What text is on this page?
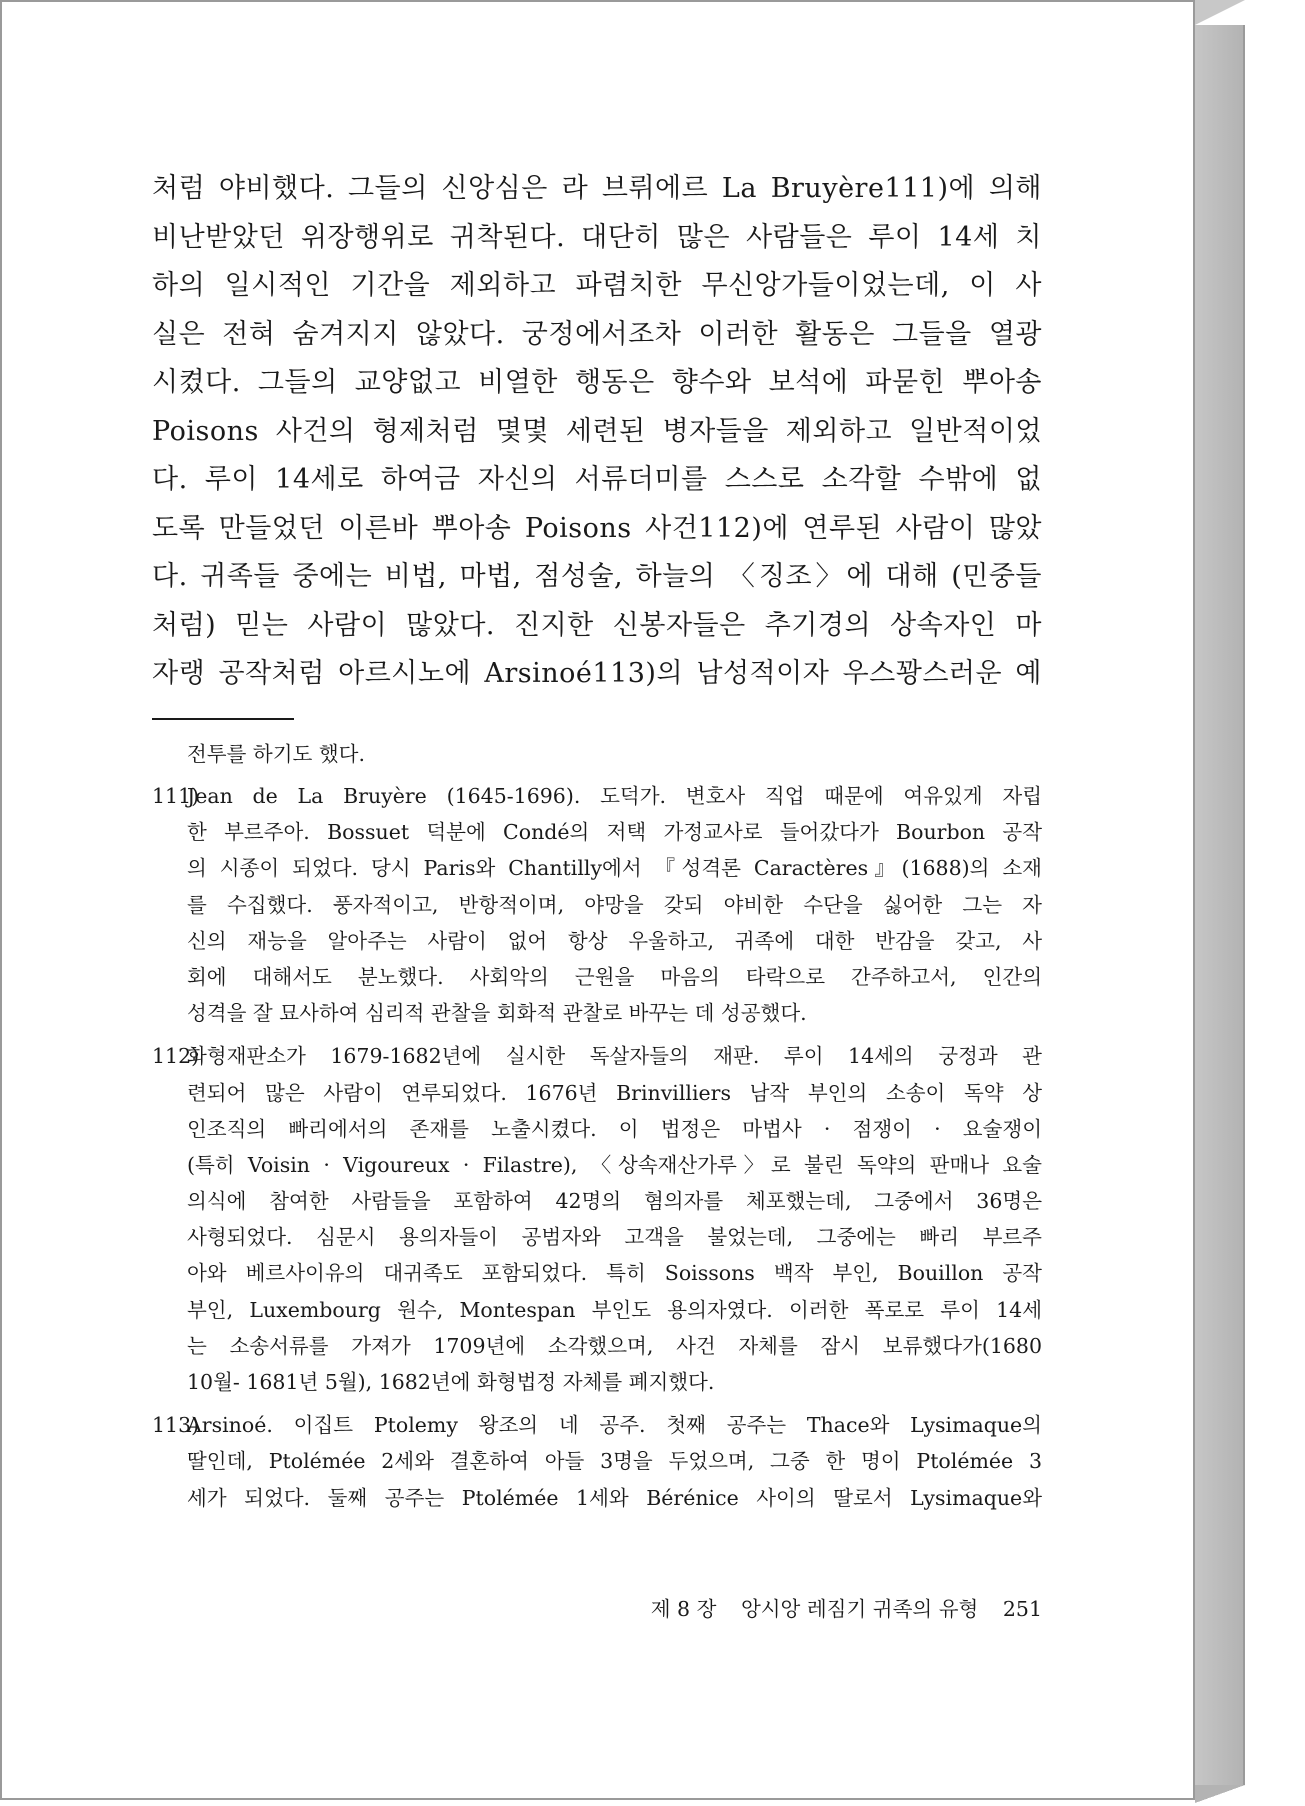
처럼 야비했다. 그들의 신앙심은 라 브뤼에르 La Bruyère111)에 의해
비난받았던 위장행위로 귀착된다. 대단히 많은 사람들은 루이 14세 치
하의 일시적인 기간을 제외하고 파렴치한 무신앙가들이었는데, 이 사
실은 전혀 숨겨지지 않았다. 궁정에서조차 이러한 활동은 그들을 열광
시켰다. 그들의 교양없고 비열한 행동은 향수와 보석에 파묻힌 뿌아송
Poisons 사건의 형제처럼 몇몇 세련된 병자들을 제외하고 일반적이었
다. 루이 14세로 하여금 자신의 서류더미를 스스로 소각할 수밖에 없
도록 만들었던 이른바 뿌아송 Poisons 사건112)에 연루된 사람이 많았
다. 귀족들 중에는 비법, 마법, 점성술, 하늘의 〈징조〉에 대해 (민중들
처럼) 믿는 사람이 많았다. 진지한 신봉자들은 추기경의 상속자인 마
자랭 공작처럼 아르시노에 Arsinoé113)의 남성적이자 우스꽝스러운 예
전투를 하기도 했다.
111)Jean de La Bruyère (1645-1696). 도덕가. 변호사 직업 때문에 여유있게 자립
한 부르주아. Bossuet 덕분에 Condé의 저택 가정교사로 들어갔다가 Bourbon 공작
의 시종이 되었다. 당시 Paris와 Chantilly에서 『성격론 Caractères』(1688)의 소재
를 수집했다. 풍자적이고, 반항적이며, 야망을 갖되 야비한 수단을 싫어한 그는 자
신의 재능을 알아주는 사람이 없어 항상 우울하고, 귀족에 대한 반감을 갖고, 사
회에 대해서도 분노했다. 사회악의 근원을 마음의 타락으로 간주하고서, 인간의
성격을 잘 묘사하여 심리적 관찰을 회화적 관찰로 바꾸는 데 성공했다.
112)화형재판소가 1679-1682년에 실시한 독살자들의 재판. 루이 14세의 궁정과 관
련되어 많은 사람이 연루되었다. 1676년 Brinvilliers 남작 부인의 소송이 독약 상
인조직의 빠리에서의 존재를 노출시켰다. 이 법정은 마법사 · 점쟁이 · 요술쟁이
(특히 Voisin · Vigoureux · Filastre), 〈상속재산가루〉로 불린 독약의 판매나 요술
의식에 참여한 사람들을 포함하여 42명의 혐의자를 체포했는데, 그중에서 36명은
사형되었다. 심문시 용의자들이 공범자와 고객을 불었는데, 그중에는 빠리 부르주
아와 베르사이유의 대귀족도 포함되었다. 특히 Soissons 백작 부인, Bouillon 공작
부인, Luxembourg 원수, Montespan 부인도 용의자였다. 이러한 폭로로 루이 14세
는 소송서류를 가져가 1709년에 소각했으며, 사건 자체를 잠시 보류했다가(1680
10월- 1681년 5월), 1682년에 화형법정 자체를 폐지했다.
113)Arsinoé. 이집트 Ptolemy 왕조의 네 공주. 첫째 공주는 Thace와 Lysimaque의
딸인데, Ptolémée 2세와 결혼하여 아들 3명을 두었으며, 그중 한 명이 Ptolémée 3
세가 되었다. 둘째 공주는 Ptolémée 1세와 Bérénice 사이의 딸로서 Lysimaque와
제 8 장 앙시앙 레짐기 귀족의 유형 251
